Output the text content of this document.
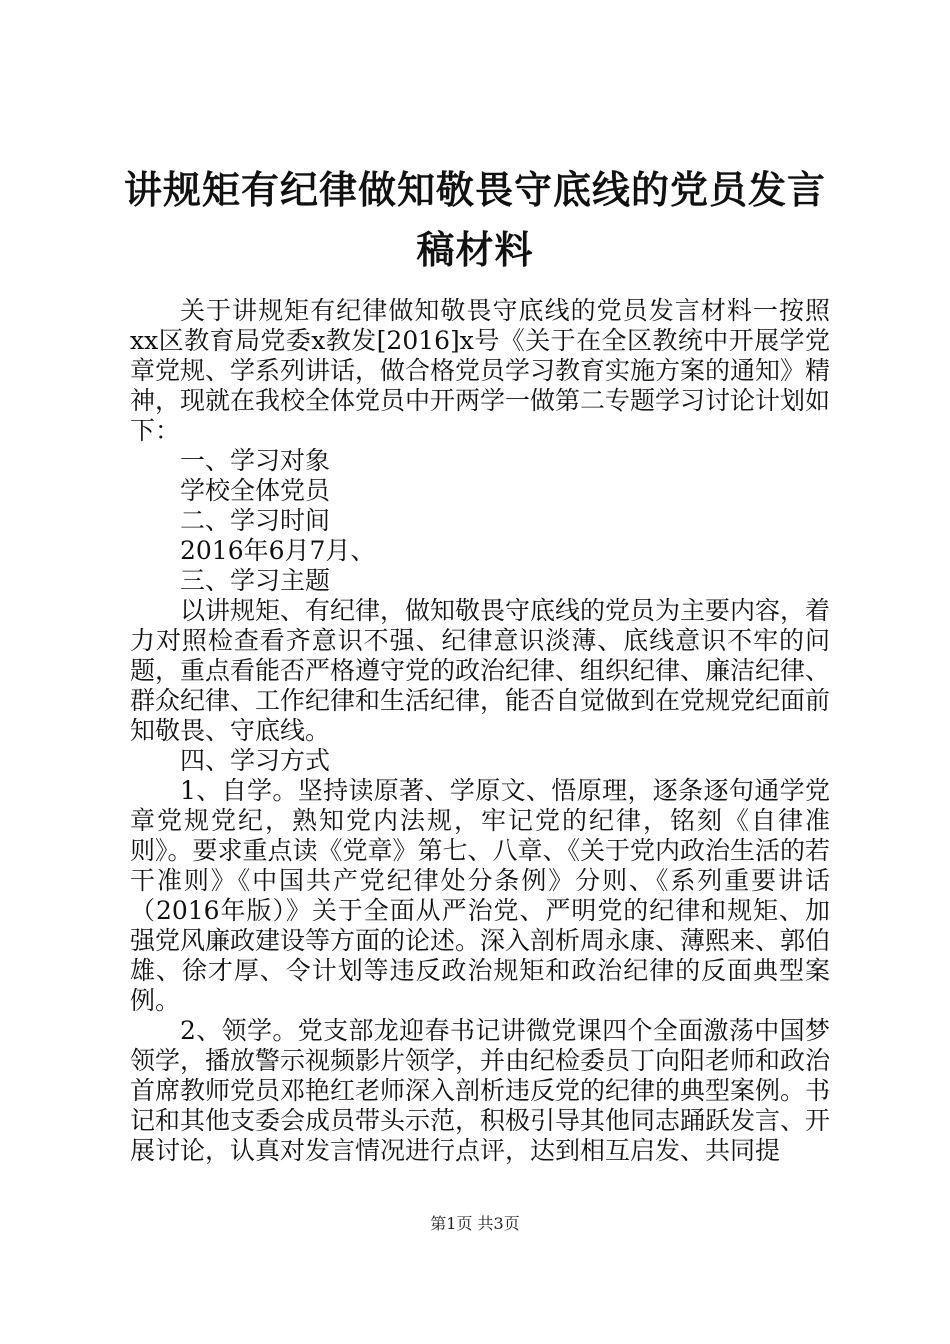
讲规矩有纪律做知敬畏守底线的党员发言稿材料

关于讲规矩有纪律做知敬畏守底线的党员发言材料一按照xx区教育局党委x教发[2016]x号《关于在全区教统中开展学党章党规、学系列讲话，做合格党员学习教育实施方案的通知》精神，现就在我校全体党员中开两学一做第二专题学习讨论计划如下：

一、学习对象

学校全体党员

二、学习时间

2016年6月7月、

三、学习主题

以讲规矩、有纪律，做知敬畏守底线的党员为主要内容，着力对照检查看齐意识不强、纪律意识淡薄、底线意识不牢的问题，重点看能否严格遵守党的政治纪律、组织纪律、廉洁纪律、群众纪律、工作纪律和生活纪律，能否自觉做到在党规党纪面前知敬畏、守底线。

四、学习方式

1、自学。坚持读原著、学原文、悟原理，逐条逐句通学党章党规党纪，熟知党内法规，牢记党的纪律，铭刻《自律准则》。要求重点读《党章》第七、八章、《关于党内政治生活的若干准则》《中国共产党纪律处分条例》分则、《系列重要讲话（2016年版）》关于全面从严治党、严明党的纪律和规矩、加强党风廉政建设等方面的论述。深入剖析周永康、薄熙来、郭伯雄、徐才厚、令计划等违反政治规矩和政治纪律的反面典型案例。

2、领学。党支部龙迎春书记讲微党课四个全面激荡中国梦领学，播放警示视频影片领学，并由纪检委员丁向阳老师和政治首席教师党员邓艳红老师深入剖析违反党的纪律的典型案例。书记和其他支委会成员带头示范，积极引导其他同志踊跃发言、开展讨论，认真对发言情况进行点评，达到相互启发、共同提

第1页 共3页
